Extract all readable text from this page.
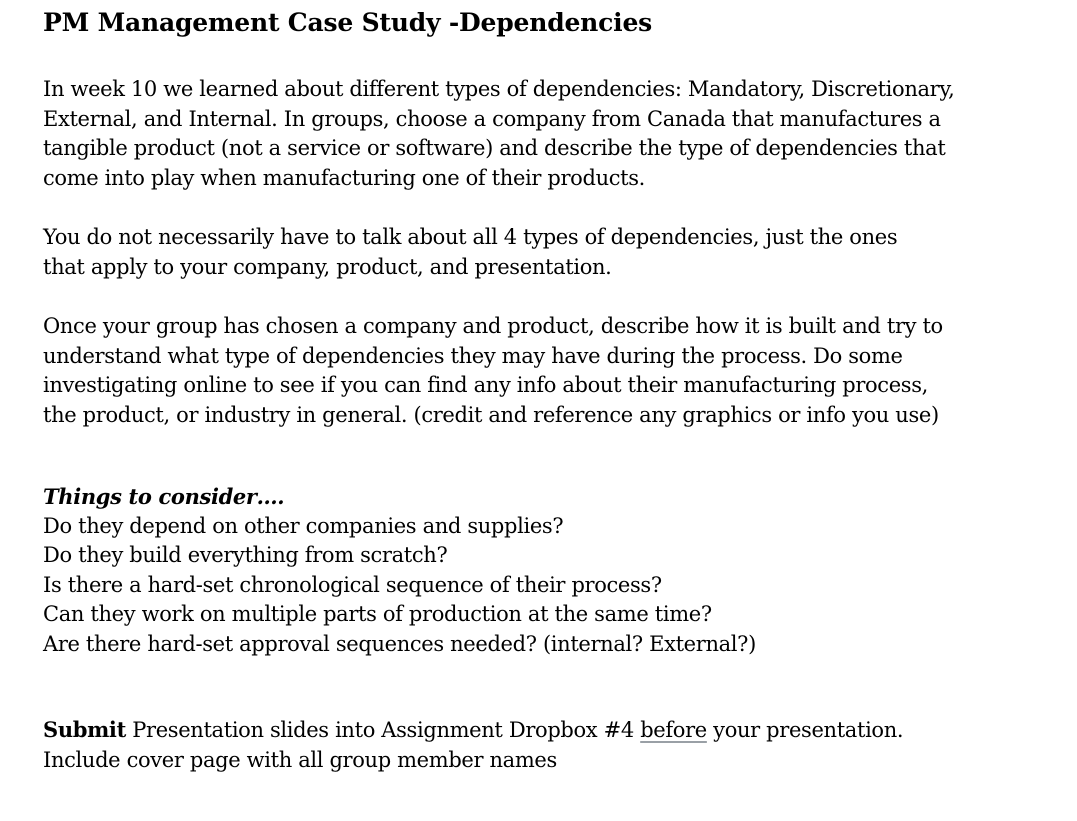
PM Management Case Study -Dependencies

In week 10 we learned about different types of dependencies: Mandatory, Discretionary, External, and Internal. In groups, choose a company from Canada that manufactures a tangible product (not a service or software) and describe the type of dependencies that come into play when manufacturing one of their products.

You do not necessarily have to talk about all 4 types of dependencies, just the ones that apply to your company, product, and presentation.

Once your group has chosen a company and product, describe how it is built and try to understand what type of dependencies they may have during the process. Do some investigating online to see if you can find any info about their manufacturing process, the product, or industry in general. (credit and reference any graphics or info you use)

Things to consider….
Do they depend on other companies and supplies?
Do they build everything from scratch?
Is there a hard-set chronological sequence of their process?
Can they work on multiple parts of production at the same time?
Are there hard-set approval sequences needed? (internal? External?)
Submit Presentation slides into Assignment Dropbox #4 before your presentation.
Include cover page with all group member names
